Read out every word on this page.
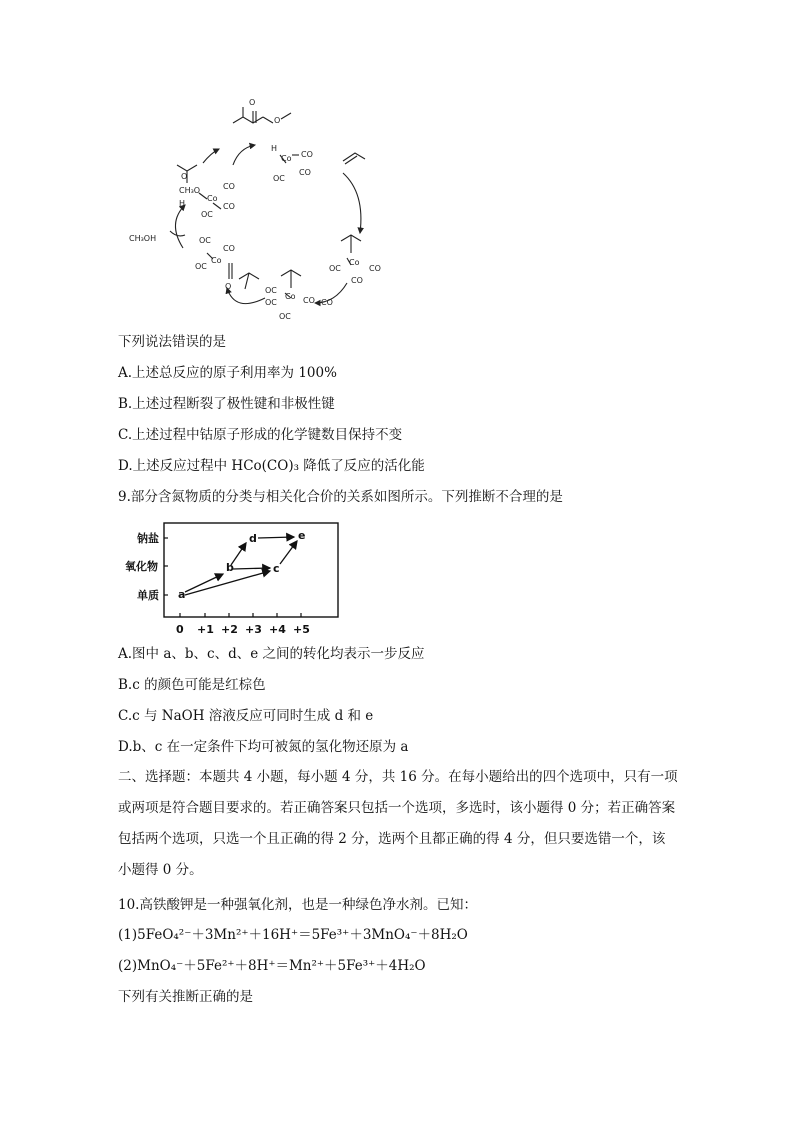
O
O
H
Co CO
CO
OC
CH₃O
H
Co
CO
CO
OC
O
CH₃OH
Co
OC	CO
CO
Co
OC
OC
CO CO
OC
Co
OC
CO
OC
O
下列说法错误的是
A.上述总反应的原子利用率为 100%
B.上述过程断裂了极性键和非极性键
C.上述过程中钴原子形成的化学键数目保持不变
D.上述反应过程中 HCo(CO)₃ 降低了反应的活化能
9.部分含氮物质的分类与相关化合价的关系如图所示。下列推断不合理的是
钠盐
氧化物
单质
0 +1 +2 +3 +4 +5
a
b	c
d	e
A.图中 a、b、c、d、e 之间的转化均表示一步反应
B.c 的颜色可能是红棕色
C.c 与 NaOH 溶液反应可同时生成 d 和 e
D.b、c 在一定条件下均可被氮的氢化物还原为 a
二、选择题：本题共 4 小题，每小题 4 分，共 16 分。在每小题给出的四个选项中，只有一项或两项是符合题目要求的。若正确答案只包括一个选项，多选时，该小题得 0 分；若正确答案包括两个选项，只选一个且正确的得 2 分，选两个且都正确的得 4 分，但只要选错一个，该小题得 0 分。
10.高铁酸钾是一种强氧化剂，也是一种绿色净水剂。已知：
(1)5FeO₄²⁻＋3Mn²⁺＋16H⁺＝5Fe³⁺＋3MnO₄⁻＋8H₂O
(2)MnO₄⁻＋5Fe²⁺＋8H⁺＝Mn²⁺＋5Fe³⁺＋4H₂O
下列有关推断正确的是
